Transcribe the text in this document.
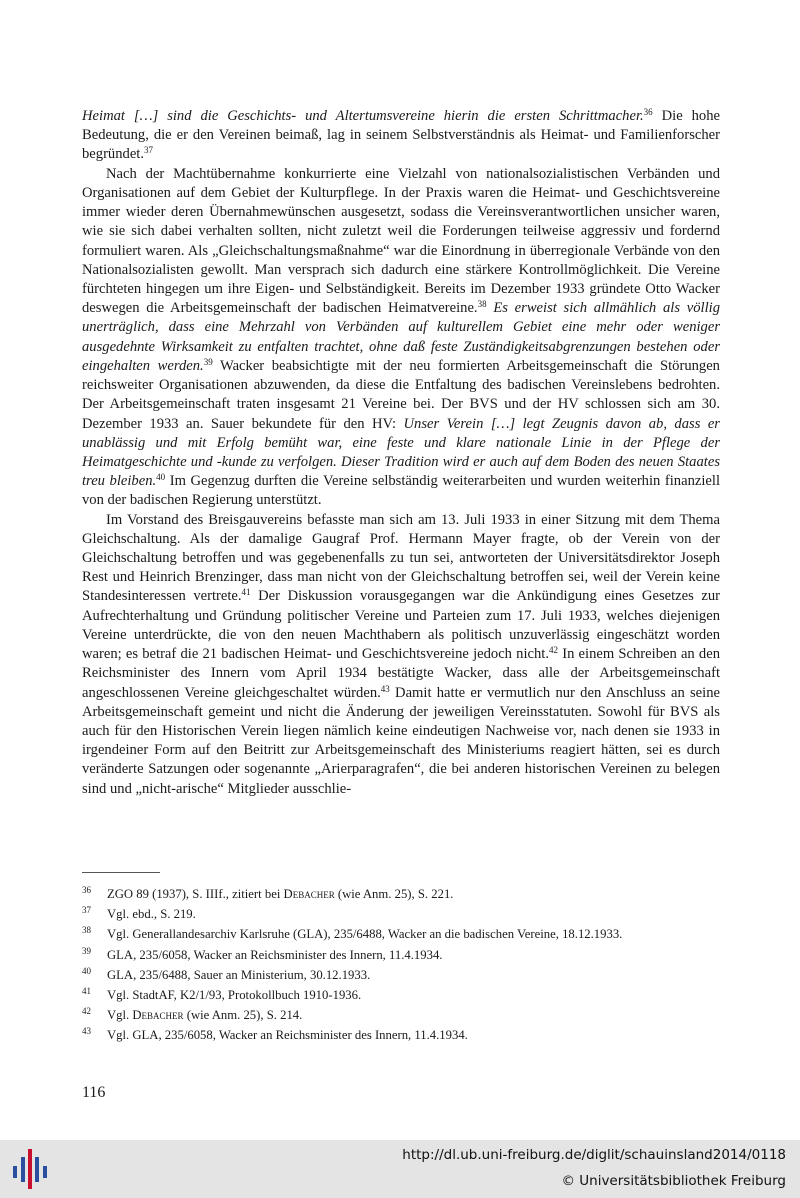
Heimat […] sind die Geschichts- und Altertumsvereine hierin die ersten Schrittmacher.$^{36}$ Die hohe Bedeutung, die er den Vereinen beimaß, lag in seinem Selbstverständnis als Heimat- und Familienforscher begründet.$^{37}$

Nach der Machtübernahme konkurrierte eine Vielzahl von nationalsozialistischen Verbänden und Organisationen auf dem Gebiet der Kulturpflege. In der Praxis waren die Heimat- und Geschichtsvereine immer wieder deren Übernahmewünschen ausgesetzt, sodass die Vereinsverantwortlichen unsicher waren, wie sie sich dabei verhalten sollten, nicht zuletzt weil die Forderungen teilweise aggressiv und fordernd formuliert waren. Als „Gleichschaltungsmaßnahme“ war die Einordnung in überregionale Verbände von den Nationalsozialisten gewollt. Man versprach sich dadurch eine stärkere Kontrollmöglichkeit. Die Vereine fürchteten hingegen um ihre Eigen- und Selbständigkeit. Bereits im Dezember 1933 gründete Otto Wacker deswegen die Arbeitsgemeinschaft der badischen Heimatvereine.$^{38}$ Es erweist sich allmählich als völlig unerträglich, dass eine Mehrzahl von Verbänden auf kulturellem Gebiet eine mehr oder weniger ausgedehnte Wirksamkeit zu entfalten trachtet, ohne daß feste Zuständigkeitsabgrenzungen bestehen oder eingehalten werden.$^{39}$ Wacker beabsichtigte mit der neu formierten Arbeitsgemeinschaft die Störungen reichsweiter Organisationen abzuwenden, da diese die Entfaltung des badischen Vereinslebens bedrohten. Der Arbeitsgemeinschaft traten insgesamt 21 Vereine bei. Der BVS und der HV schlossen sich am 30. Dezember 1933 an. Sauer bekundete für den HV: Unser Verein […] legt Zeugnis davon ab, dass er unablässig und mit Erfolg bemüht war, eine feste und klare nationale Linie in der Pflege der Heimatgeschichte und -kunde zu verfolgen. Dieser Tradition wird er auch auf dem Boden des neuen Staates treu bleiben.$^{40}$ Im Gegenzug durften die Vereine selbständig weiterarbeiten und wurden weiterhin finanziell von der badischen Regierung unterstützt.

Im Vorstand des Breisgauvereins befasste man sich am 13. Juli 1933 in einer Sitzung mit dem Thema Gleichschaltung. Als der damalige Gaugraf Prof. Hermann Mayer fragte, ob der Verein von der Gleichschaltung betroffen und was gegebenenfalls zu tun sei, antworteten der Universitätsdirektor Joseph Rest und Heinrich Brenzinger, dass man nicht von der Gleichschaltung betroffen sei, weil der Verein keine Standesinteressen vertrete.$^{41}$ Der Diskussion vorausgegangen war die Ankündigung eines Gesetzes zur Aufrechterhaltung und Gründung politischer Vereine und Parteien zum 17. Juli 1933, welches diejenigen Vereine unterdrückte, die von den neuen Machthabern als politisch unzuverlässig eingeschätzt worden waren; es betraf die 21 badischen Heimat- und Geschichtsvereine jedoch nicht.$^{42}$ In einem Schreiben an den Reichsminister des Innern vom April 1934 bestätigte Wacker, dass alle der Arbeitsgemeinschaft angeschlossenen Vereine gleichgeschaltet würden.$^{43}$ Damit hatte er vermutlich nur den Anschluss an seine Arbeitsgemeinschaft gemeint und nicht die Änderung der jeweiligen Vereinsstatuten. Sowohl für BVS als auch für den Historischen Verein liegen nämlich keine eindeutigen Nachweise vor, nach denen sie 1933 in irgendeiner Form auf den Beitritt zur Arbeitsgemeinschaft des Ministeriums reagiert hätten, sei es durch veränderte Satzungen oder sogenannte „Arierparagrafen“, die bei anderen historischen Vereinen zu belegen sind und „nicht-arische“ Mitglieder ausschlie-

36 ZGO 89 (1937), S. IIIf., zitiert bei Debacher (wie Anm. 25), S. 221.
37 Vgl. ebd., S. 219.
38 Vgl. Generallandesarchiv Karlsruhe (GLA), 235/6488, Wacker an die badischen Vereine, 18.12.1933.
39 GLA, 235/6058, Wacker an Reichsminister des Innern, 11.4.1934.
40 GLA, 235/6488, Sauer an Ministerium, 30.12.1933.
41 Vgl. StadtAF, K2/1/93, Protokollbuch 1910-1936.
42 Vgl. Debacher (wie Anm. 25), S. 214.
43 Vgl. GLA, 235/6058, Wacker an Reichsminister des Innern, 11.4.1934.
116
http://dl.ub.uni-freiburg.de/diglit/schauinsland2014/0118
© Universitätsbibliothek Freiburg
